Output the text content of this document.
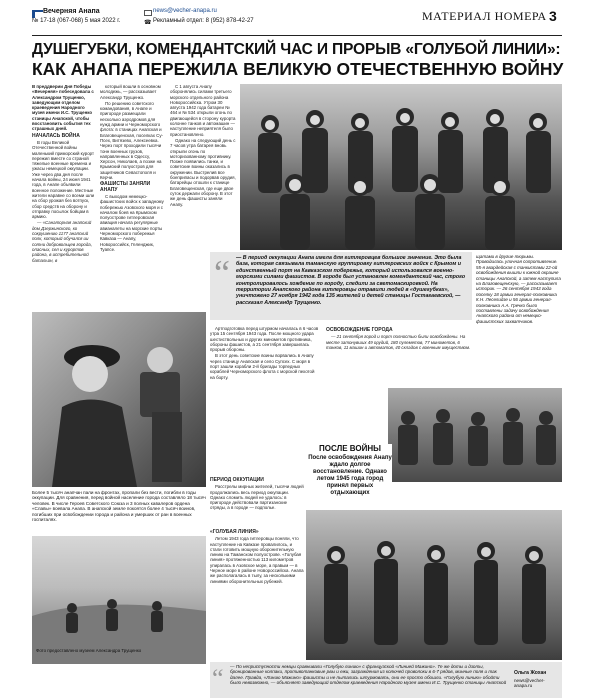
Вечерняя Анапа
№ 17-18 (067-068) 5 мая 2022 г.
news@vecher-anapa.ru
☎ Рекламный отдел: 8 (952) 878-42-27	МАТЕРИАЛ НОМЕРА 3
ДУШЕГУБКИ, КОМЕНДАНТСКИЙ ЧАС И ПРОРЫВ «ГОЛУБОЙ ЛИНИИ»:
КАК АНАПА ПЕРЕЖИЛА ВЕЛИКУЮ ОТЕЧЕСТВЕННУЮ ВОЙНУ

В преддверии Дня Победы «Вечерняя» побеседовала с Александром Трущенко, заведующим отделом краеведения Народного музея имени И.С. Трущенко станицы Анапской, чтобы восстановить события тех страшных дней.

НАЧАЛАСЬ ВОЙНА

В годы Великой Отечественной войны маленький приморский курорт пережил вместе со страной тяжелые военные времена и ужасы немецкой оккупации. Уже через два дня после начала войны, 24 июня 1941 года, в Анапе объявили военное положение. Местные жители наравне со всеми шли на сбор урожая без вотпуск, сбор средств на оборону и отправку посылок бойцам в армию.

— «Санаторная анапский дом Дзержинского, ко сокрушению 1177 анапский полк, который обучался ии сотни добровольцев города, опасных, сел и курортов района, в истребительной батальон, в

который вошли в основном молодежь, — рассказывает Александр Трущенко.

По решению советского командования, в Анапе и пригороде размещали несколько аэродромов для нужд армии и Черноморского флота: в станицах Анапская и Благовещенская, поселках Су-Псех, Витязево, Алексеевка. Через порт проходили тысячи тонн военных грузов, направленных в Одессу, Херсон, Николаев, а позже на Крымский полуостров для защитников Севастополя и Керчи.

ФАШИСТЫ ЗАНЯЛИ АНАПУ

С выходом немецко-фашистских войск к западному побережью Азовского моря и с началом боев на Крымском полуострове гитлеровская авиация начала регулярные авианалеты на морские порты Черноморского побережья Кавказа — Анапу, Новороссийск, Геленджик, Туапсе.

С 1 августа Анапу оборонялись силами третьего морского отдельного района Новороссийска. Утром 30 августа 1942 года батареи № 464 и № 534 открыли огонь по двигающейся в сторону курорта колонне танков и автомашин — наступление неприятеля было приостановлено.

Однако на следующий день с 7 часов утра батарея вновь открыли огонь по моторизованному противнику. Позже появились танки, и советские воины оказались в окружении. Выстрелив все боеприпасы и подорвав орудия, батарейцы отошли к станице Благовещенская, где еще двое суток держали оборону. В этот же день фашисты заняли Анапу.

“ — В период оккупации Анапа имела для гитлеровцев большое значение. Это была база, которая связывала таманскую группировку гитлеровских войск с Крымом и единственный порт на Кавказском побережье, который использовался военно-морскими силами фашистов. В городе был установлен комендантский час, строго контролировалось хождение по городу, следили за светомаскировкой. На территории Анапского района гитлеровцы отравили людей в «душегубках», уничтожено 27 ноября 1942 года 135 жителей и детей станицы Гостагаевской, — рассказал Александр Трущенко.
щатами в другие тюрьмы. Проводилась уличная сопротивление. 55-я гвардейская с танкистами 22-ой освобождения вышли к южной окраине станицы Анапской, а затем наступила на Благовещенскую, — рассказывает историк. — 26 сентября 1943 года поселку 18 армии генерал-полковника К.Н. Леселидзе и 56 армии генерал-полковника А.А. Гречко было поставлены задачу освобождения Анапского района от немецко-фашистских захватчиков.

Артподготовка перед штурмом началась в 6 часов утра 15 сентября 1943 года. После мощного удара шестиствольных и других минометов противника, обороны фашистов, а 21 сентября завершилась прорыв обороны.

В этот день советские воины ворвались в Анапу через станицу Анапская и село Супсех. С моря в порт зашли корабли 2-й бригады торпедных кораблей Черноморского флота с морской пехотой на борту.

ОСВОБОЖДЕНИЕ ГОРОДА

— 21 сентября город и порт полностью были освобождены. На месте затонувших 49 орудий, 180 пулеметов, 77 минометов, 6 танков, 11 машин и автоматов, 40 складов с военным имуществом.

ПОСЛЕ ВОЙНЫ
После освобождения Анапу ждало долгое восстановление. Однако летом 1945 года город принял первых отдыхающих
Более 5 тысяч анапчан пали на фронтах, пропали без вести, погибли в годы оккупации. Для сравнения, перед войной население города составляло 18 тысяч человек. В числе Героев Советского Союза и 3 полных кавалеров ордена «Славы» воевала Анапа. В анапской земле покоятся более 4 тысяч воинов, погибших при освобождении города и района и умерших от ран в военных госпиталях.
Фото предоставлено музеем Александра Трущенко
ПЕРИОД ОККУПАЦИИ

Расстрелы мирных жителей, тысячи людей продолжались весь период оккупации. Однако сломить людей не удалось: в пригороде действовали партизанские отряды, а в городе — подполье.

«ГОЛУБАЯ ЛИНИЯ»

Летом 1943 года гитлеровцы поняли, что наступление на Кавказе провалилось, и стали готовить мощную оборонительную линию на Таманском полуострове. «Голубая линия» протяженностью 113 километров упиралась в Азовское море, а правым — в Черное море в районе Новороссийска. Анапа же располагалась в тылу, за несколькими линиями оборонительных рубежей.

“ — По неприступности немцы сравнивали «Голубую линию» с французской «Линией Мажино». Те же доты и дзоты, бронированные колпаки, противотанковые рвы и ежи, заграждения из колючей проволоки в 6-7 рядов, минные поля и так далее. Правда, «Линию Мажино» фашисты и не пытались штурмовать, они ее просто обошли. «Голубую линию» обойти было невозможно, — объясняет заведующий отделом краеведения Народного музея имени И.С. Трущенко станицы Анапской
Ольга Жохан
news@vecher-anapa.ru
